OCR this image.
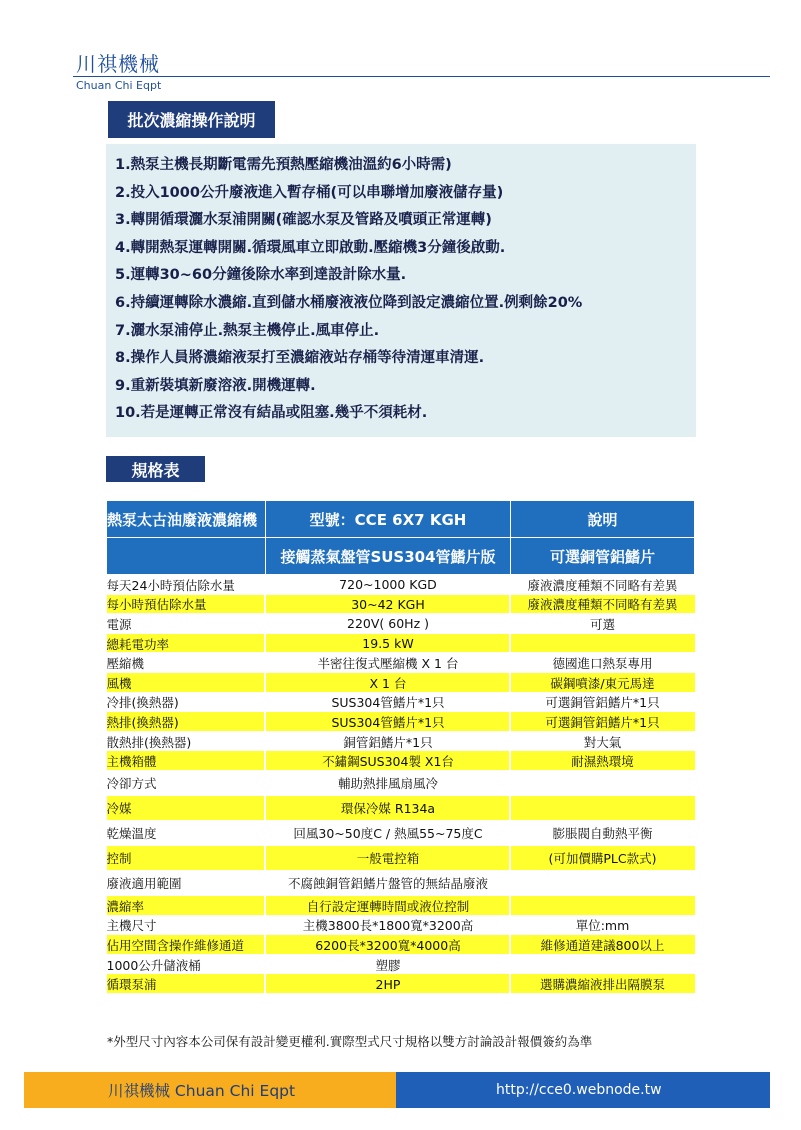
川祺機械
Chuan Chi Eqpt
批次濃縮操作說明
1.熱泵主機長期斷電需先預熱壓縮機油溫約6小時需)
2.投入1000公升廢液進入暫存桶(可以串聯增加廢液儲存量)
3.轉開循環灑水泵浦開關(確認水泵及管路及噴頭正常運轉)
4.轉開熱泵運轉開關.循環風車立即啟動.壓縮機3分鐘後啟動.
5.運轉30~60分鐘後除水率到達設計除水量.
6.持續運轉除水濃縮.直到儲水桶廢液液位降到設定濃縮位置.例剩餘20%
7.灑水泵浦停止.熱泵主機停止.風車停止.
8.操作人員將濃縮液泵打至濃縮液站存桶等待清運車清運.
9.重新裝填新廢溶液.開機運轉.
10.若是運轉正常沒有結晶或阻塞.幾乎不須耗材.
規格表
熱泵太古油廢液濃縮機	型號：CCE 6X7 KGH	說明
	接觸蒸氣盤管SUS304管鰭片版	可選銅管鋁鰭片
每天24小時預估除水量	720~1000 KGD	廢液濃度種類不同略有差異
每小時預估除水量	30~42 KGH	廢液濃度種類不同略有差異
電源	220V( 60Hz )	可選
總耗電功率	19.5 kW	
壓縮機	半密往復式壓縮機 X 1 台	德國進口熱泵專用
風機	X 1 台	碳鋼噴漆/東元馬達
冷排(換熱器)	SUS304管鰭片*1只	可選銅管鋁鰭片*1只
熱排(換熱器)	SUS304管鰭片*1只	可選銅管鋁鰭片*1只
散熱排(換熱器)	銅管鋁鰭片*1只	對大氣
主機箱體	不鏽鋼SUS304製 X1台	耐濕熱環境
冷卻方式	輔助熱排風扇風冷	
冷媒	環保冷媒 R134a	
乾燥溫度	回風30~50度C / 熱風55~75度C	膨脹閥自動熱平衡
控制	一般電控箱	(可加價購PLC款式)
廢液適用範圍	不腐蝕銅管鋁鰭片盤管的無結晶廢液	
濃縮率	自行設定運轉時間或液位控制	
主機尺寸	主機3800長*1800寬*3200高	單位:mm
佔用空間含操作維修通道	6200長*3200寬*4000高	維修通道建議800以上
1000公升儲液桶	塑膠	
循環泵浦	2HP	選購濃縮液排出隔膜泵
*外型尺寸內容本公司保有設計變更權利.實際型式尺寸規格以雙方討論設計報價簽約為準
川祺機械 Chuan Chi Eqpt	http://cce0.webnode.tw
